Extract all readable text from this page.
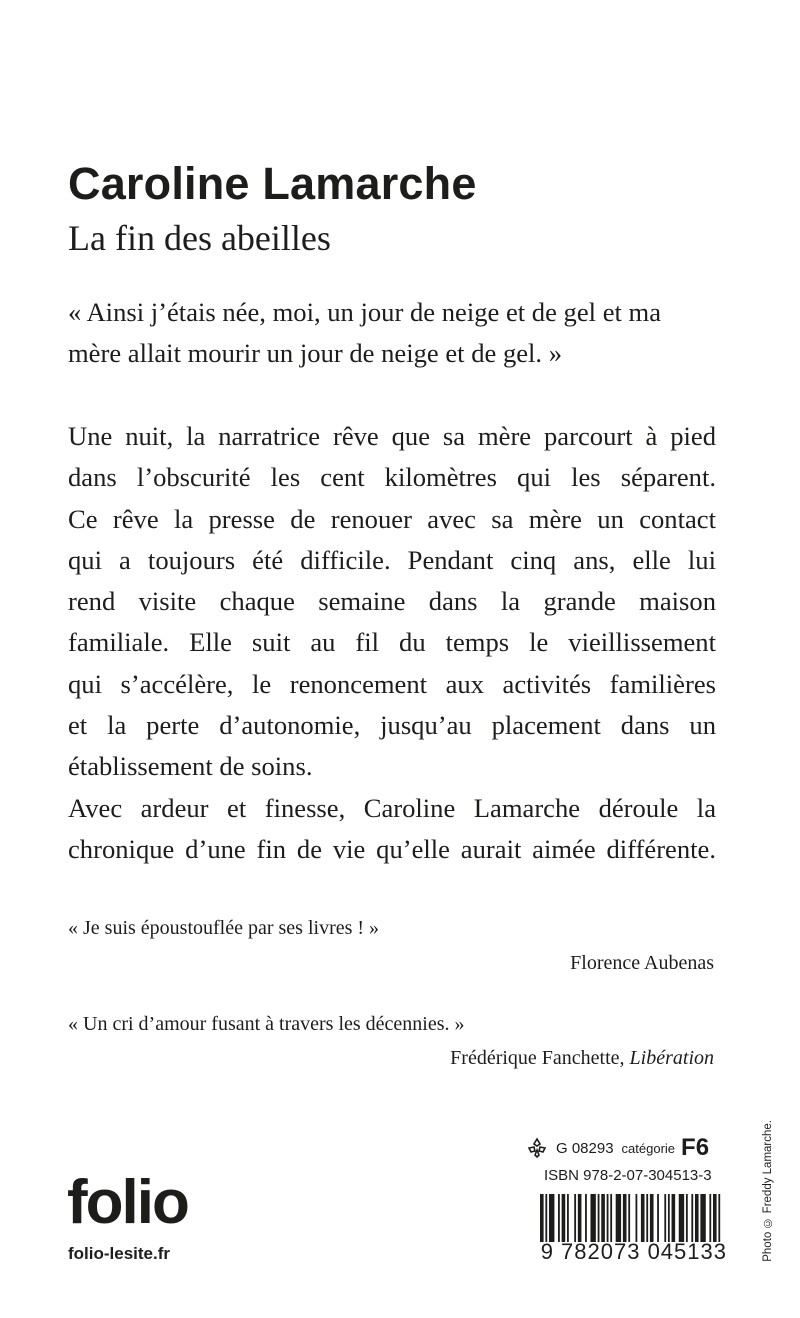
Caroline Lamarche
La fin des abeilles
« Ainsi j’étais née, moi, un jour de neige et de gel et ma
mère allait mourir un jour de neige et de gel. »
Une nuit, la narratrice rêve que sa mère parcourt à pied
dans l’obscurité les cent kilomètres qui les séparent.
Ce rêve la presse de renouer avec sa mère un contact
qui a toujours été difficile. Pendant cinq ans, elle lui
rend visite chaque semaine dans la grande maison
familiale. Elle suit au fil du temps le vieillissement
qui s’accélère, le renoncement aux activités familières
et la perte d’autonomie, jusqu’au placement dans un
établissement de soins.
Avec ardeur et finesse, Caroline Lamarche déroule la
chronique d’une fin de vie qu’elle aurait aimée différente.
« Je suis époustouflée par ses livres ! »
Florence Aubenas
« Un cri d’amour fusant à travers les décennies. »
Frédérique Fanchette, Libération
folio
folio-lesite.fr
G 08293 catégorie F6
ISBN 978-2-07-304513-3
9 782073 045133	Photo © Freddy Lamarche.
